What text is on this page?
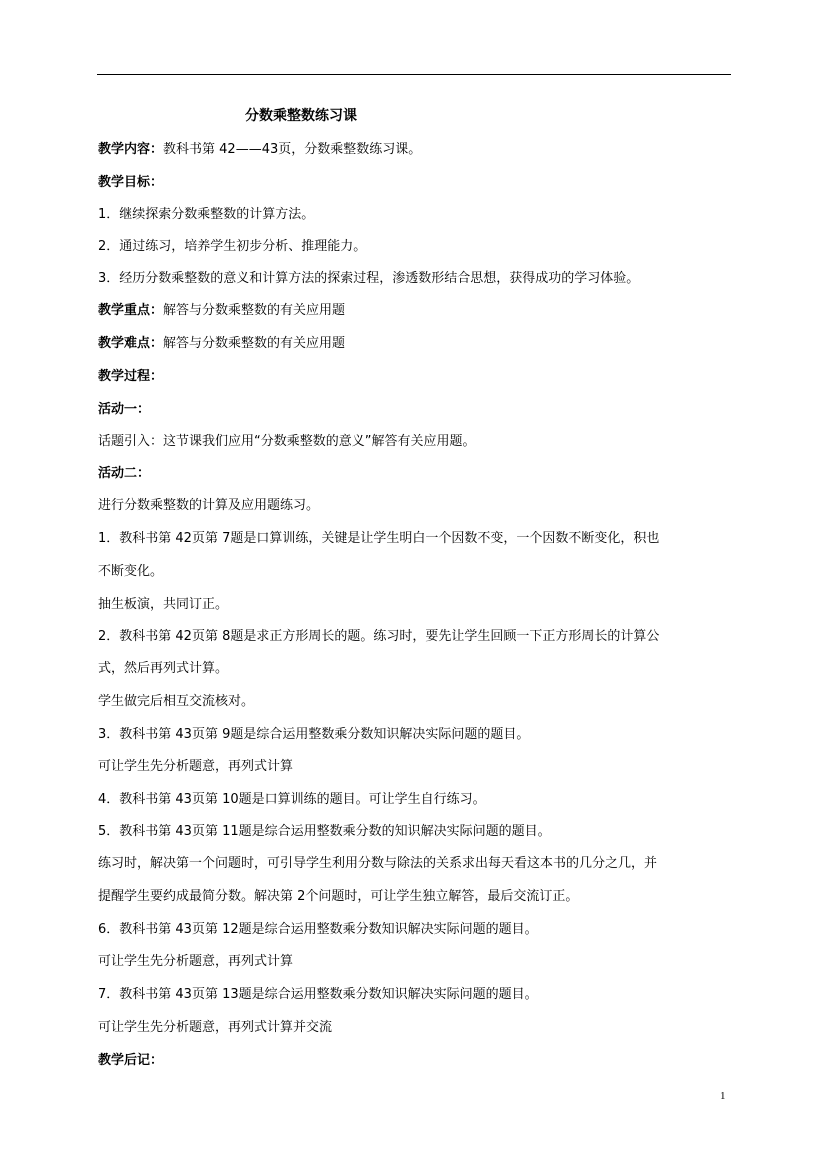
分数乘整数练习课
教学内容：教科书第 42——43页，分数乘整数练习课。
教学目标：
1．继续探索分数乘整数的计算方法。
2．通过练习，培养学生初步分析、推理能力。
3．经历分数乘整数的意义和计算方法的探索过程，渗透数形结合思想，获得成功的学习体验。
教学重点：解答与分数乘整数的有关应用题
教学难点：解答与分数乘整数的有关应用题
教学过程：
活动一：
话题引入：这节课我们应用“分数乘整数的意义”解答有关应用题。
活动二：
进行分数乘整数的计算及应用题练习。
1．教科书第 42页第 7题是口算训练，关键是让学生明白一个因数不变，一个因数不断变化，积也
不断变化。
抽生板演，共同订正。
2．教科书第 42页第 8题是求正方形周长的题。练习时，要先让学生回顾一下正方形周长的计算公
式，然后再列式计算。
学生做完后相互交流核对。
3．教科书第 43页第 9题是综合运用整数乘分数知识解决实际问题的题目。
可让学生先分析题意，再列式计算
4．教科书第 43页第 10题是口算训练的题目。可让学生自行练习。
5．教科书第 43页第 11题是综合运用整数乘分数的知识解决实际问题的题目。
练习时，解决第一个问题时，可引导学生利用分数与除法的关系求出每天看这本书的几分之几，并
提醒学生要约成最简分数。解决第 2个问题时，可让学生独立解答，最后交流订正。
6．教科书第 43页第 12题是综合运用整数乘分数知识解决实际问题的题目。
可让学生先分析题意，再列式计算
7．教科书第 43页第 13题是综合运用整数乘分数知识解决实际问题的题目。
可让学生先分析题意，再列式计算并交流
教学后记：
1
